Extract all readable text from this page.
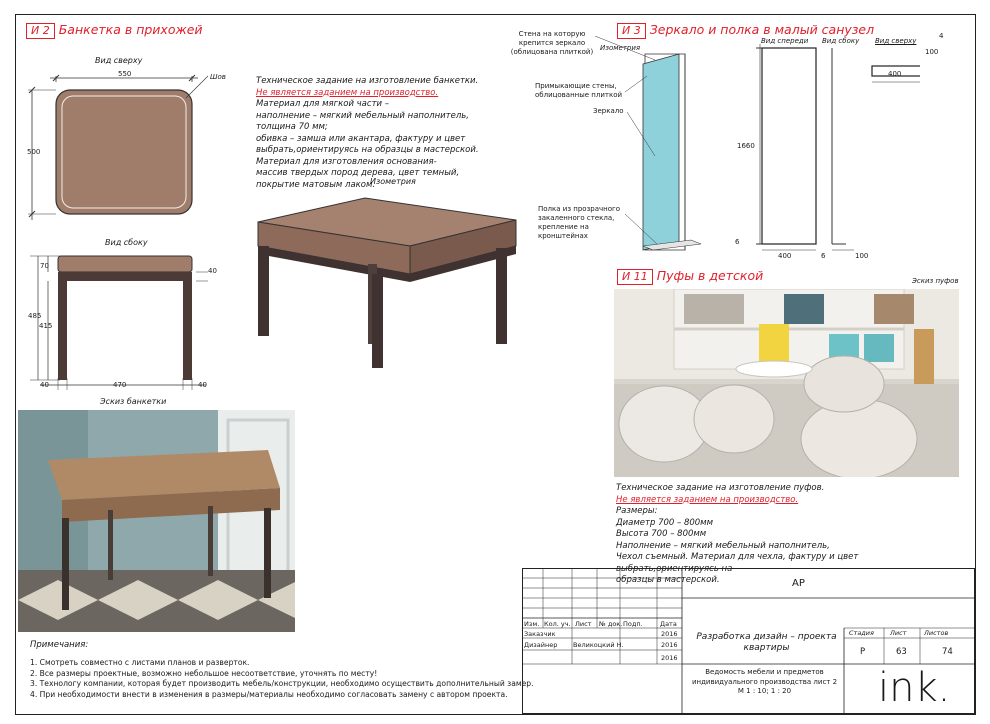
И 2 Банкетка в прихожей
Вид сверху
550
500
Шов
Вид сбоку
70
40
485
415
40	470	40
Эскиз банкетки
Техническое задание на изготовление банкетки.
Не является заданием на производство.
Материал для мягкой части –
наполнение – мягкий мебельный наполнитель,
толщина 70 мм;
обивка – замша или акантара, фактуру и цвет
выбрать,ориентируясь на образцы в мастерской.
Материал для изготовления основания-
массив твердых пород дерева, цвет темный,
покрытие матовым лаком.
Изометрия
Примечания:
1. Смотреть совместно с листами планов и разверток.
2. Все размеры проектные, возможно небольшое несоответствие, уточнять по месту!
3. Технологу компании, которая будет производить мебель/конструкции, необходимо осуществить дополнительный замер.
4. При необходимости внести в изменения в размеры/материалы необходимо согласовать замену с автором проекта.
И 3 Зеркало и полка в малый санузел
Стена на которую
крепится зеркало
(облицована плиткой) Изометрия
Примыкающие стены,
облицованные плиткой
Зеркало
Полка из прозрачного
закаленного стекла,
крепление на
кронштейнах
Вид спереди Вид сбоку Вид сверху
1660
6
400	6	100
4
100
400
И 11 Пуфы в детской	Эскиз пуфов
Техническое задание на изготовление пуфов.
Не является заданием на производство.
Размеры:
Диаметр 700 – 800мм
Высота 700 – 800мм
Наполнение – мягкий мебельный наполнитель,
Чехол съемный. Материал для чехла, фактуру и цвет выбрать,ориентируясь на
образцы в мастерской.
Изм. Кол. уч. Лист № док. Подп.	Дата
Заказчик	2016
Дизайнер Великоцкий Н.	2016
2016
АР
Разработка дизайн – проекта
квартиры
Стадия Лист	Листов
Р	63	74
Ведомость мебели и предметов
индивидуального производства лист 2
М 1 : 10; 1 : 20	ink.
